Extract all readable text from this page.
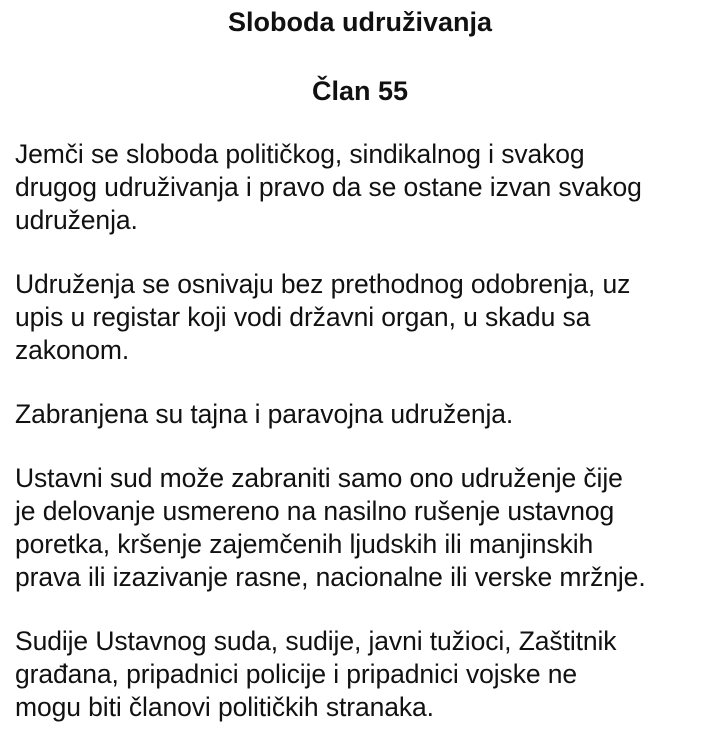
Sloboda udruživanja
Član 55

Jemči se sloboda političkog, sindikalnog i svakog
drugog udruživanja i pravo da se ostane izvan svakog
udruženja.

Udruženja se osnivaju bez prethodnog odobrenja, uz
upis u registar koji vodi državni organ, u skadu sa
zakonom.

Zabranjena su tajna i paravojna udruženja.

Ustavni sud može zabraniti samo ono udruženje čije
je delovanje usmereno na nasilno rušenje ustavnog
poretka, kršenje zajemčenih ljudskih ili manjinskih
prava ili izazivanje rasne, nacionalne ili verske mržnje.

Sudije Ustavnog suda, sudije, javni tužioci, Zaštitnik
građana, pripadnici policije i pripadnici vojske ne
mogu biti članovi političkih stranaka.
